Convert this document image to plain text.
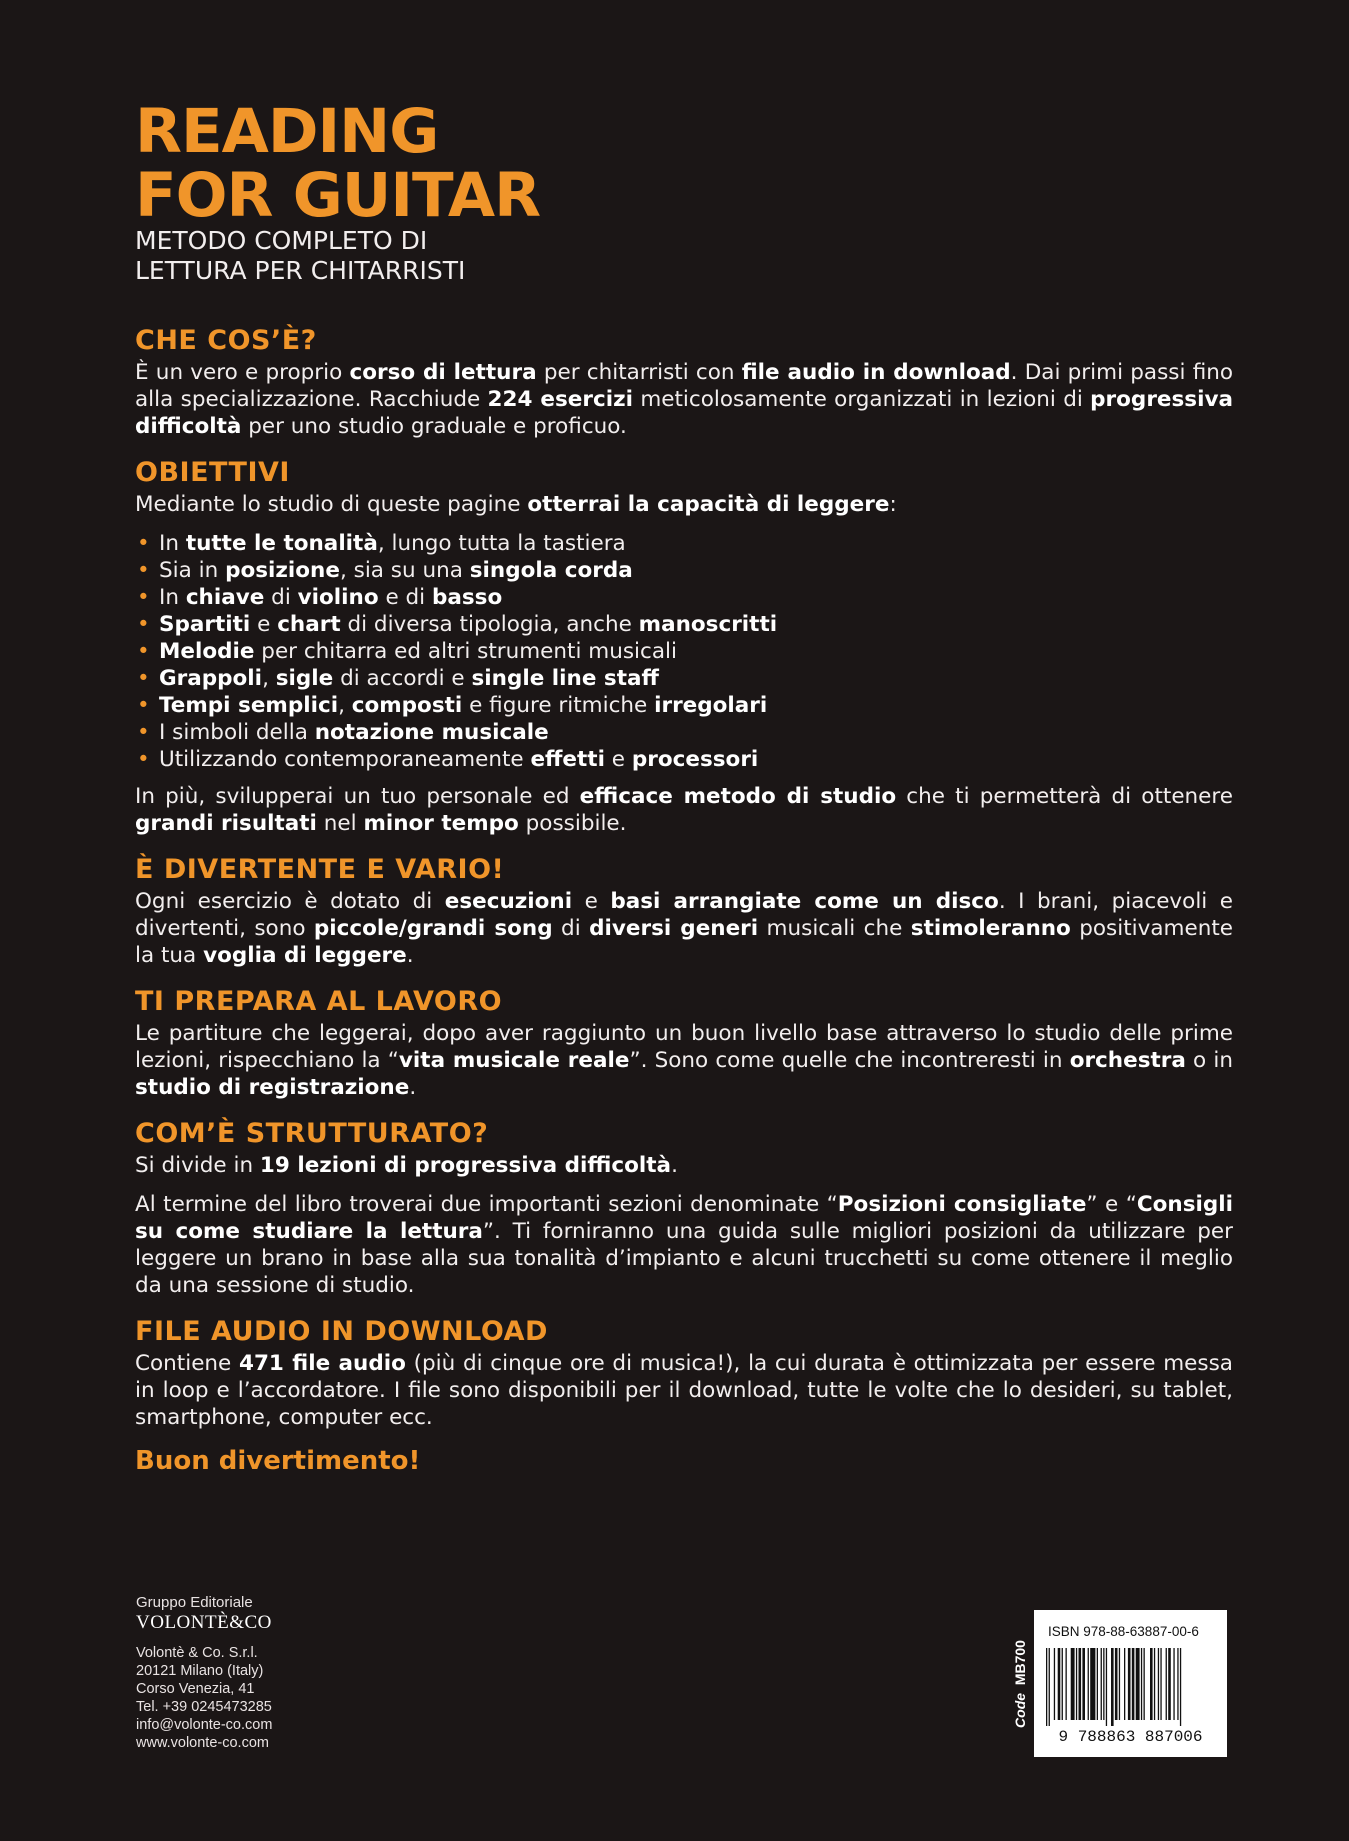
READING
FOR GUITAR
METODO COMPLETO DI
LETTURA PER CHITARRISTI
CHE COS’È?

È un vero e proprio corso di lettura per chitarristi con file audio in download. Dai primi passi fino alla specializzazione. Racchiude 224 esercizi meticolosamente organizzati in lezioni di progressiva difficoltà per uno studio graduale e proficuo.

OBIETTIVI

Mediante lo studio di queste pagine otterrai la capacità di leggere:

• In tutte le tonalità, lungo tutta la tastiera
• Sia in posizione, sia su una singola corda
• In chiave di violino e di basso
• Spartiti e chart di diversa tipologia, anche manoscritti
• Melodie per chitarra ed altri strumenti musicali
• Grappoli, sigle di accordi e single line staff
• Tempi semplici, composti e figure ritmiche irregolari
• I simboli della notazione musicale
• Utilizzando contemporaneamente effetti e processori

In più, svilupperai un tuo personale ed efficace metodo di studio che ti permetterà di ottenere grandi risultati nel minor tempo possibile.

È DIVERTENTE E VARIO!

Ogni esercizio è dotato di esecuzioni e basi arrangiate come un disco. I brani, piacevoli e divertenti, sono piccole/grandi song di diversi generi musicali che stimoleranno positivamente la tua voglia di leggere.

TI PREPARA AL LAVORO

Le partiture che leggerai, dopo aver raggiunto un buon livello base attraverso lo studio delle prime lezioni, rispecchiano la “vita musicale reale”. Sono come quelle che incontreresti in orchestra o in studio di registrazione.

COM’È STRUTTURATO?

Si divide in 19 lezioni di progressiva difficoltà.

Al termine del libro troverai due importanti sezioni denominate “Posizioni consigliate” e “Consigli su come studiare la lettura”. Ti forniranno una guida sulle migliori posizioni da utilizzare per leggere un brano in base alla sua tonalità d’impianto e alcuni trucchetti su come ottenere il meglio da una sessione di studio.

FILE AUDIO IN DOWNLOAD

Contiene 471 file audio (più di cinque ore di musica!), la cui durata è ottimizzata per essere messa in loop e l’accordatore. I file sono disponibili per il download, tutte le volte che lo desideri, su tablet, smartphone, computer ecc.

Buon divertimento!
Gruppo Editoriale
VOLONTÈ&CO
Volontè & Co. S.r.l.
20121 Milano (Italy)
Corso Venezia, 41
Tel. +39 0245473285
info@volonte-co.com
www.volonte-co.com
Code  MB700
ISBN 978-88-63887-00-6
9 788863 887006
